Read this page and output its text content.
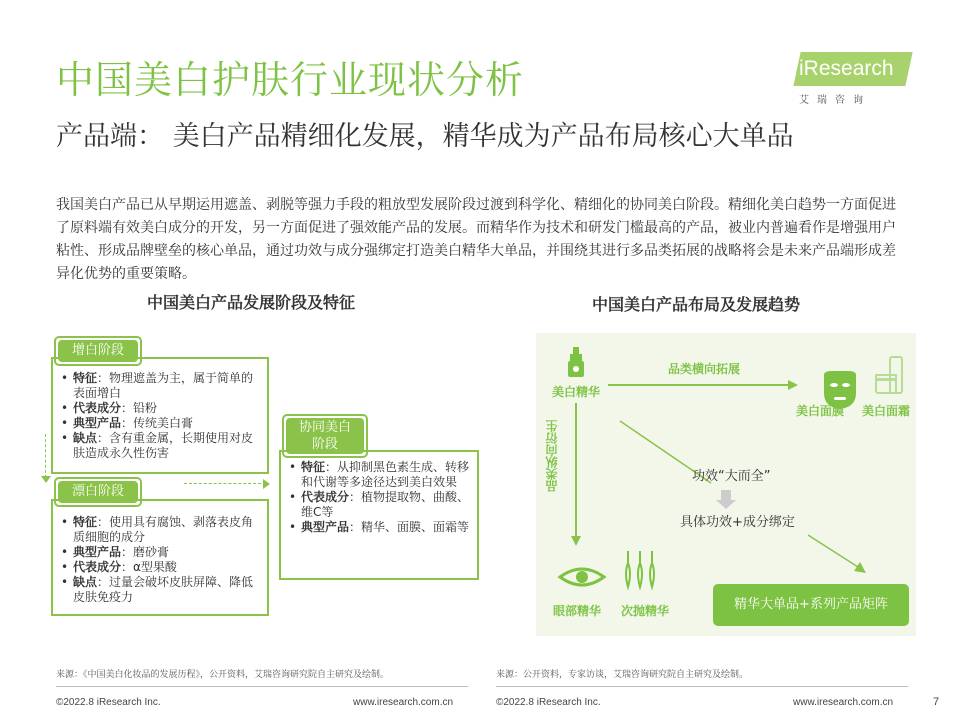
中国美白护肤行业现状分析
产品端： 美白产品精细化发展，精华成为产品布局核心大单品
iResearch
艾瑞咨询
我国美白产品已从早期运用遮盖、剥脱等强力手段的粗放型发展阶段过渡到科学化、精细化的协同美白阶段。精细化美白趋势一方面促进了原料端有效美白成分的开发，另一方面促进了强效能产品的发展。而精华作为技术和研发门槛最高的产品，被业内普遍看作是增强用户粘性、形成品牌壁垒的核心单品，通过功效与成分强绑定打造美白精华大单品，并围绕其进行多品类拓展的战略将会是未来产品端形成差异化优势的重要策略。
中国美白产品发展阶段及特征
• 特征：物理遮盖为主，属于简单的表面增白
• 代表成分：铅粉
• 典型产品：传统美白膏
• 缺点：含有重金属，长期使用对皮肤造成永久性伤害
增白阶段
• 特征：使用具有腐蚀、剥落表皮角质细胞的成分
• 典型产品：磨砂膏
• 代表成分：α型果酸
• 缺点：过量会破坏皮肤屏障、降低皮肤免疫力
漂白阶段
• 特征：从抑制黑色素生成、转移和代谢等多途径达到美白效果
• 代表成分：植物提取物、曲酸、维C等
• 典型产品：精华、面膜、面霜等
协同美白
阶段
中国美白产品布局及发展趋势
美白精华
品类横向拓展
品类纵向衍生
美白面膜 美白面霜
功效“大而全”
具体功效+成分绑定
眼部精华 次抛精华	精华大单品+系列产品矩阵
来源：《中国美白化妆品的发展历程》，公开资料，艾瑞咨询研究院自主研究及绘制。	来源：公开资料，专家访谈，艾瑞咨询研究院自主研究及绘制。
©2022.8 iResearch Inc.	www.iresearch.com.cn	©2022.8 iResearch Inc.	www.iresearch.com.cn	7
